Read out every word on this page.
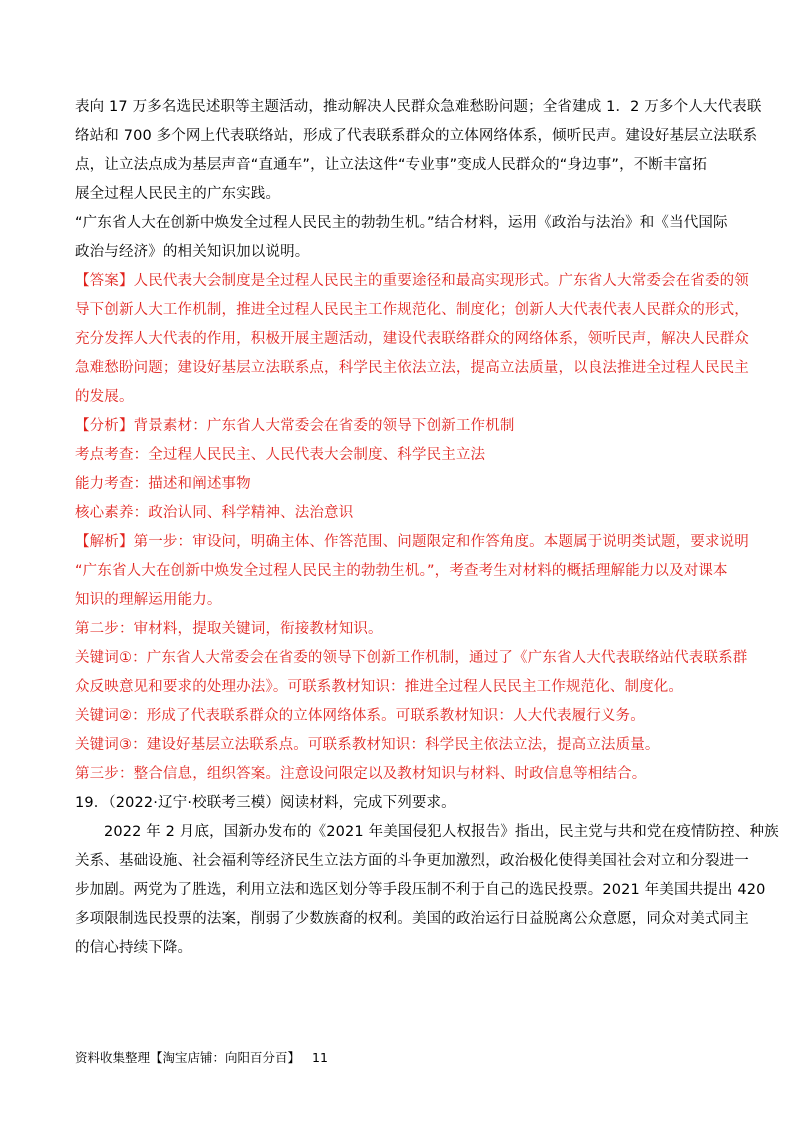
表向 17 万多名选民述职等主题活动，推动解决人民群众急难愁盼问题；全省建成 1．2 万多个人大代表联
络站和 700 多个网上代表联络站，形成了代表联系群众的立体网络体系，倾听民声。建设好基层立法联系
点，让立法点成为基层声音“直通车”，让立法这件“专业事”变成人民群众的“身边事”，不断丰富拓
展全过程人民民主的广东实践。
“广东省人大在创新中焕发全过程人民民主的勃勃生机。”结合材料，运用《政治与法治》和《当代国际
政治与经济》的相关知识加以说明。
【答案】人民代表大会制度是全过程人民民主的重要途径和最高实现形式。广东省人大常委会在省委的领
导下创新人大工作机制，推进全过程人民民主工作规范化、制度化；创新人大代表代表人民群众的形式，
充分发挥人大代表的作用，积极开展主题活动，建设代表联络群众的网络体系，领听民声，解决人民群众
急难愁盼问题；建设好基层立法联系点，科学民主依法立法，提高立法质量，以良法推进全过程人民民主
的发展。
【分析】背景素材：广东省人大常委会在省委的领导下创新工作机制
考点考查：全过程人民民主、人民代表大会制度、科学民主立法
能力考查：描述和阐述事物
核心素养：政治认同、科学精神、法治意识
【解析】第一步：审设问，明确主体、作答范围、问题限定和作答角度。本题属于说明类试题，要求说明
“广东省人大在创新中焕发全过程人民民主的勃勃生机。”，考查考生对材料的概括理解能力以及对课本
知识的理解运用能力。
第二步：审材料，提取关键词，衔接教材知识。
关键词①：广东省人大常委会在省委的领导下创新工作机制，通过了《广东省人大代表联络站代表联系群
众反映意见和要求的处理办法》。可联系教材知识：推进全过程人民民主工作规范化、制度化。
关键词②：形成了代表联系群众的立体网络体系。可联系教材知识：人大代表履行义务。
关键词③：建设好基层立法联系点。可联系教材知识：科学民主依法立法，提高立法质量。
第三步：整合信息，组织答案。注意设问限定以及教材知识与材料、时政信息等相结合。
19．（2022·辽宁·校联考三模）阅读材料，完成下列要求。
2022 年 2 月底，国新办发布的《2021 年美国侵犯人权报告》指出，民主党与共和党在疫情防控、种族
关系、基础设施、社会福利等经济民生立法方面的斗争更加激烈，政治极化使得美国社会对立和分裂进一
步加剧。两党为了胜选，利用立法和选区划分等手段压制不利于自己的选民投票。2021 年美国共提出 420
多项限制选民投票的法案，削弱了少数族裔的权利。美国的政治运行日益脱离公众意愿，同众对美式同主
的信心持续下降。
资料收集整理【淘宝店铺：向阳百分百】 11
